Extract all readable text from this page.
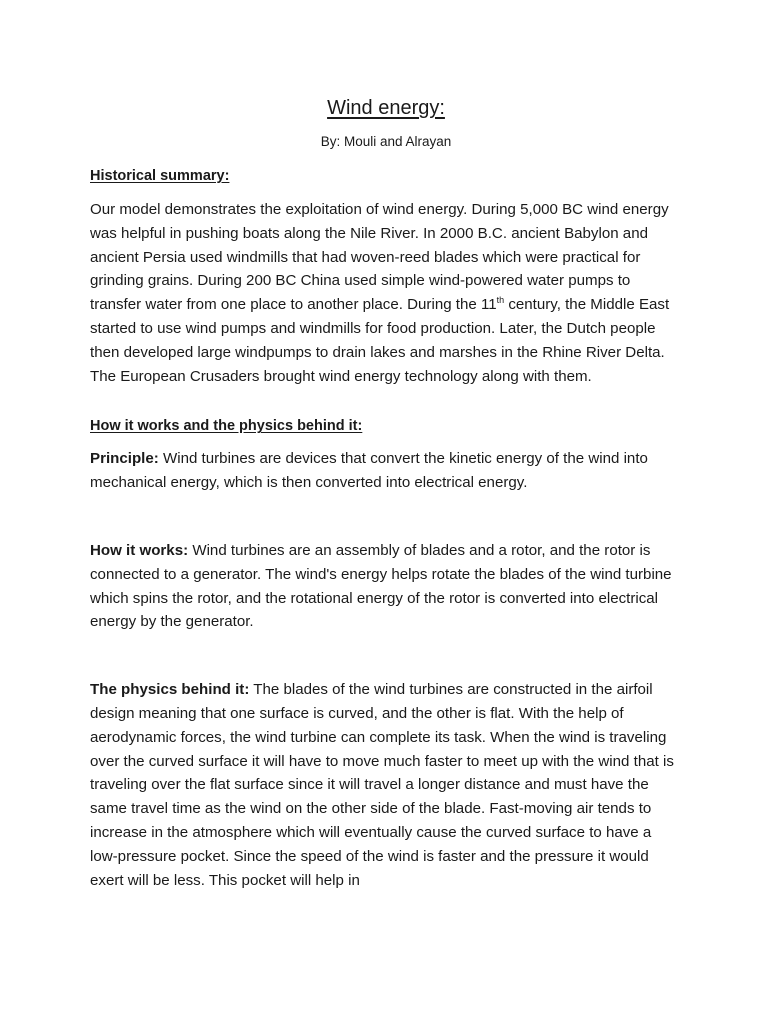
Wind energy:
By: Mouli and Alrayan
Historical summary:

Our model demonstrates the exploitation of wind energy. During 5,000 BC wind energy was helpful in pushing boats along the Nile River. In 2000 B.C. ancient Babylon and ancient Persia used windmills that had woven-reed blades which were practical for grinding grains. During 200 BC China used simple wind-powered water pumps to transfer water from one place to another place. During the 11th century, the Middle East started to use wind pumps and windmills for food production. Later, the Dutch people then developed large windpumps to drain lakes and marshes in the Rhine River Delta. The European Crusaders brought wind energy technology along with them.

How it works and the physics behind it:

Principle: Wind turbines are devices that convert the kinetic energy of the wind into mechanical energy, which is then converted into electrical energy.

How it works: Wind turbines are an assembly of blades and a rotor, and the rotor is connected to a generator. The wind's energy helps rotate the blades of the wind turbine which spins the rotor, and the rotational energy of the rotor is converted into electrical energy by the generator.

The physics behind it: The blades of the wind turbines are constructed in the airfoil design meaning that one surface is curved, and the other is flat. With the help of aerodynamic forces, the wind turbine can complete its task. When the wind is traveling over the curved surface it will have to move much faster to meet up with the wind that is traveling over the flat surface since it will travel a longer distance and must have the same travel time as the wind on the other side of the blade. Fast-moving air tends to increase in the atmosphere which will eventually cause the curved surface to have a low-pressure pocket. Since the speed of the wind is faster and the pressure it would exert will be less. This pocket will help in
